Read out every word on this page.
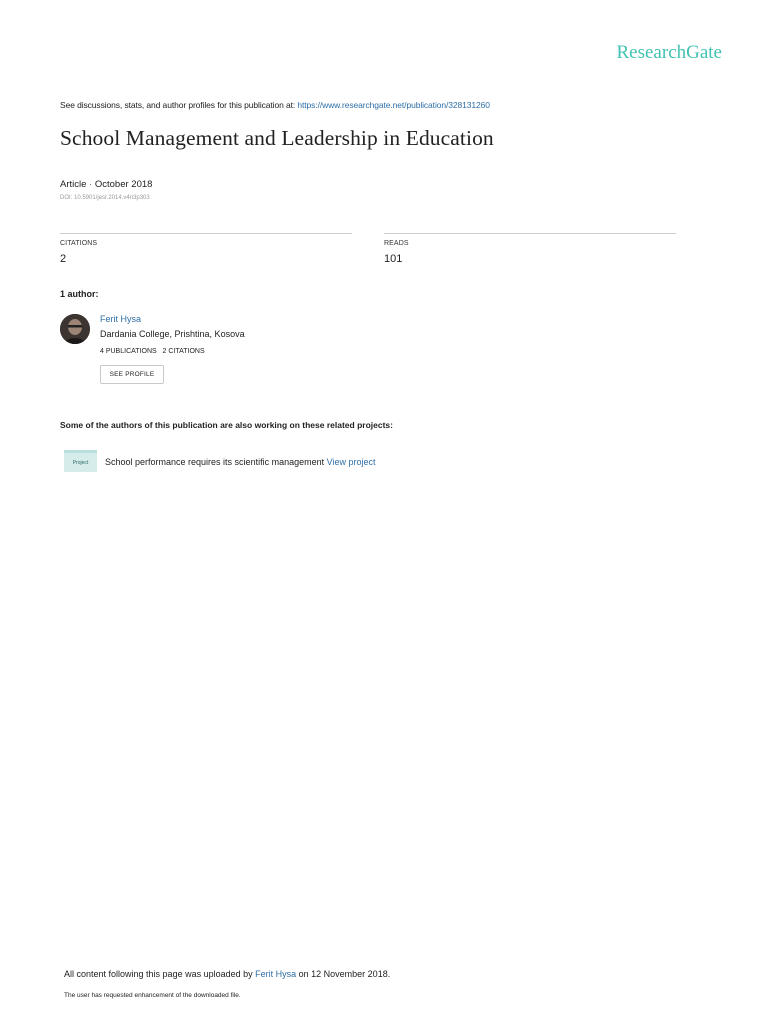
ResearchGate
See discussions, stats, and author profiles for this publication at: https://www.researchgate.net/publication/328131260
School Management and Leadership in Education
Article · October 2018
DOI: 10.5901/jesr.2014.v4n3p303
CITATIONS
2
READS
101
1 author:
Ferit Hysa
Dardania College, Prishtina, Kosova
4 PUBLICATIONS 2 CITATIONS
SEE PROFILE
Some of the authors of this publication are also working on these related projects:
Project School performance requires its scientific management View project
All content following this page was uploaded by Ferit Hysa on 12 November 2018.
The user has requested enhancement of the downloaded file.
